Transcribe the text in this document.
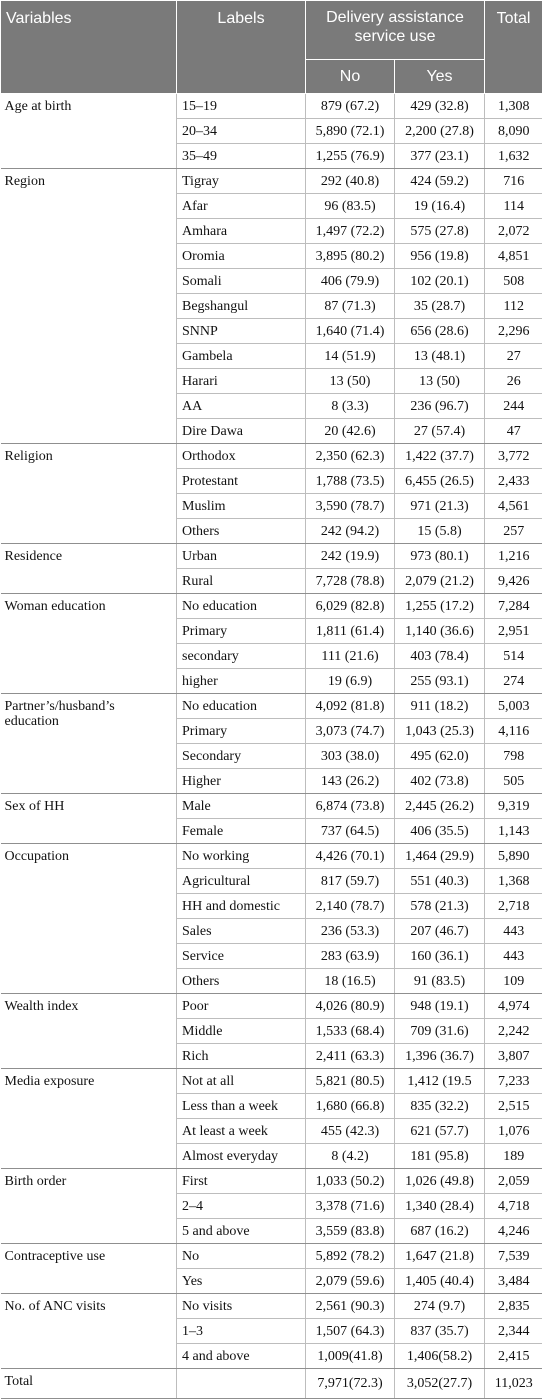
Variables	Labels	Delivery assistance service use		Total
		No	Yes	
Age at birth	15–19	879 (67.2)	429 (32.8)	1,308
	20–34	5,890 (72.1)	2,200 (27.8)	8,090
	35–49	1,255 (76.9)	377 (23.1)	1,632
Region	Tigray	292 (40.8)	424 (59.2)	716
	Afar	96 (83.5)	19 (16.4)	114
	Amhara	1,497 (72.2)	575 (27.8)	2,072
	Oromia	3,895 (80.2)	956 (19.8)	4,851
	Somali	406 (79.9)	102 (20.1)	508
	Begshangul	87 (71.3)	35 (28.7)	112
	SNNP	1,640 (71.4)	656 (28.6)	2,296
	Gambela	14 (51.9)	13 (48.1)	27
	Harari	13 (50)	13 (50)	26
	AA	8 (3.3)	236 (96.7)	244
	Dire Dawa	20 (42.6)	27 (57.4)	47
Religion	Orthodox	2,350 (62.3)	1,422 (37.7)	3,772
	Protestant	1,788 (73.5)	6,455 (26.5)	2,433
	Muslim	3,590 (78.7)	971 (21.3)	4,561
	Others	242 (94.2)	15 (5.8)	257
Residence	Urban	242 (19.9)	973 (80.1)	1,216
	Rural	7,728 (78.8)	2,079 (21.2)	9,426
Woman education	No education	6,029 (82.8)	1,255 (17.2)	7,284
	Primary	1,811 (61.4)	1,140 (36.6)	2,951
	secondary	111 (21.6)	403 (78.4)	514
	higher	19 (6.9)	255 (93.1)	274
Partner’s/husband’s education	No education	4,092 (81.8)	911 (18.2)	5,003
	Primary	3,073 (74.7)	1,043 (25.3)	4,116
	Secondary	303 (38.0)	495 (62.0)	798
	Higher	143 (26.2)	402 (73.8)	505
Sex of HH	Male	6,874 (73.8)	2,445 (26.2)	9,319
	Female	737 (64.5)	406 (35.5)	1,143
Occupation	No working	4,426 (70.1)	1,464 (29.9)	5,890
	Agricultural	817 (59.7)	551 (40.3)	1,368
	HH and domestic	2,140 (78.7)	578 (21.3)	2,718
	Sales	236 (53.3)	207 (46.7)	443
	Service	283 (63.9)	160 (36.1)	443
	Others	18 (16.5)	91 (83.5)	109
Wealth index	Poor	4,026 (80.9)	948 (19.1)	4,974
	Middle	1,533 (68.4)	709 (31.6)	2,242
	Rich	2,411 (63.3)	1,396 (36.7)	3,807
Media exposure	Not at all	5,821 (80.5)	1,412 (19.5	7,233
	Less than a week	1,680 (66.8)	835 (32.2)	2,515
	At least a week	455 (42.3)	621 (57.7)	1,076
	Almost everyday	8 (4.2)	181 (95.8)	189
Birth order	First	1,033 (50.2)	1,026 (49.8)	2,059
	2–4	3,378 (71.6)	1,340 (28.4)	4,718
	5 and above	3,559 (83.8)	687 (16.2)	4,246
Contraceptive use	No	5,892 (78.2)	1,647 (21.8)	7,539
	Yes	2,079 (59.6)	1,405 (40.4)	3,484
No. of ANC visits	No visits	2,561 (90.3)	274 (9.7)	2,835
	1–3	1,507 (64.3)	837 (35.7)	2,344
	4 and above	1,009(41.8)	1,406(58.2)	2,415
Total		7,971(72.3)	3,052(27.7)	11,023
